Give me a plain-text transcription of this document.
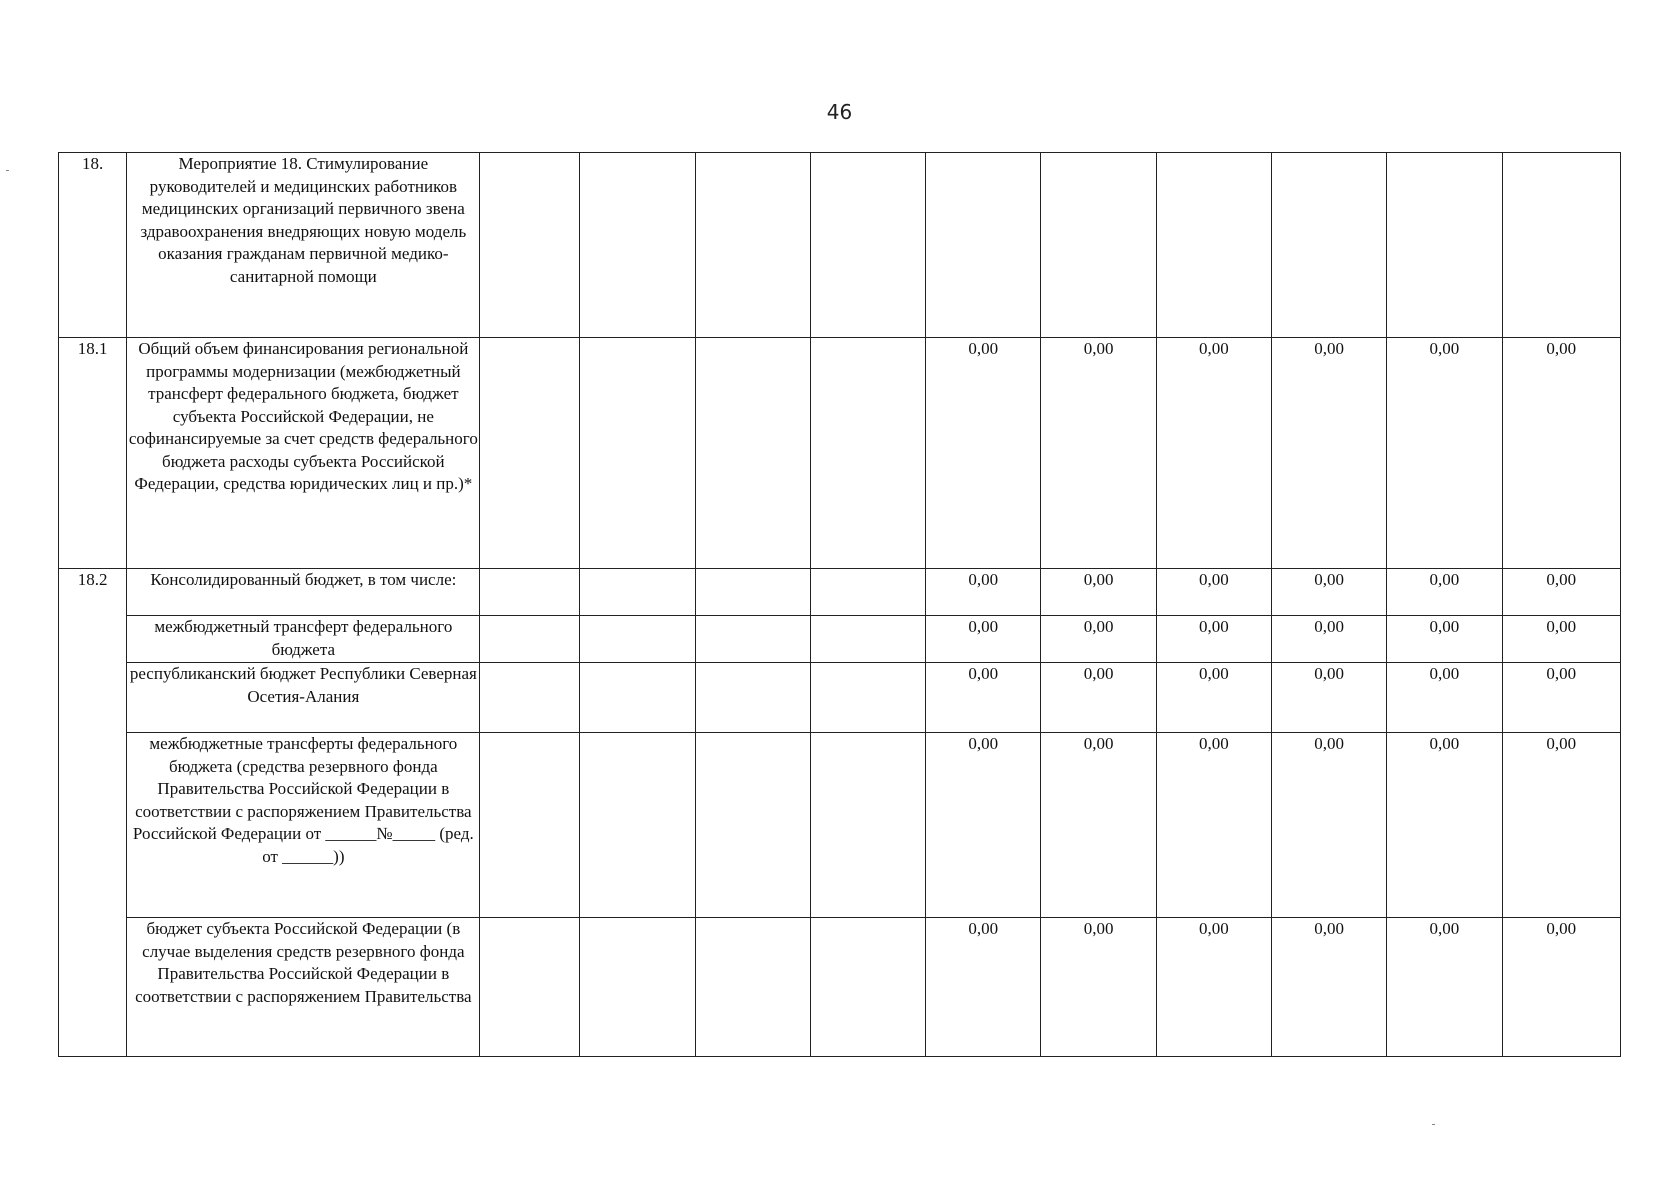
46
18.	Мероприятие 18. Стимулирование руководителей и медицинских работников медицинских организаций первичного звена здравоохранения внедряющих новую модель оказания гражданам первичной медико-санитарной помощи										
18.1	Общий объем финансирования региональной программы модернизации (межбюджетный трансферт федерального бюджета, бюджет субъекта Российской Федерации, не софинансируемые за счет средств федерального бюджета расходы субъекта Российской Федерации, средства юридических лиц и пр.)*					0,00	0,00	0,00	0,00	0,00	0,00
18.2	Консолидированный бюджет, в том числе:					0,00	0,00	0,00	0,00	0,00	0,00
	межбюджетный трансферт федерального бюджета					0,00	0,00	0,00	0,00	0,00	0,00
	республиканский бюджет Республики Северная Осетия-Алания					0,00	0,00	0,00	0,00	0,00	0,00
	межбюджетные трансферты федерального бюджета (средства резервного фонда Правительства Российской Федерации в соответствии с распоряжением Правительства Российской Федерации от ______№_____ (ред. от ______))					0,00	0,00	0,00	0,00	0,00	0,00
	бюджет субъекта Российской Федерации (в случае выделения средств резервного фонда Правительства Российской Федерации в соответствии с распоряжением Правительства					0,00	0,00	0,00	0,00	0,00	0,00
